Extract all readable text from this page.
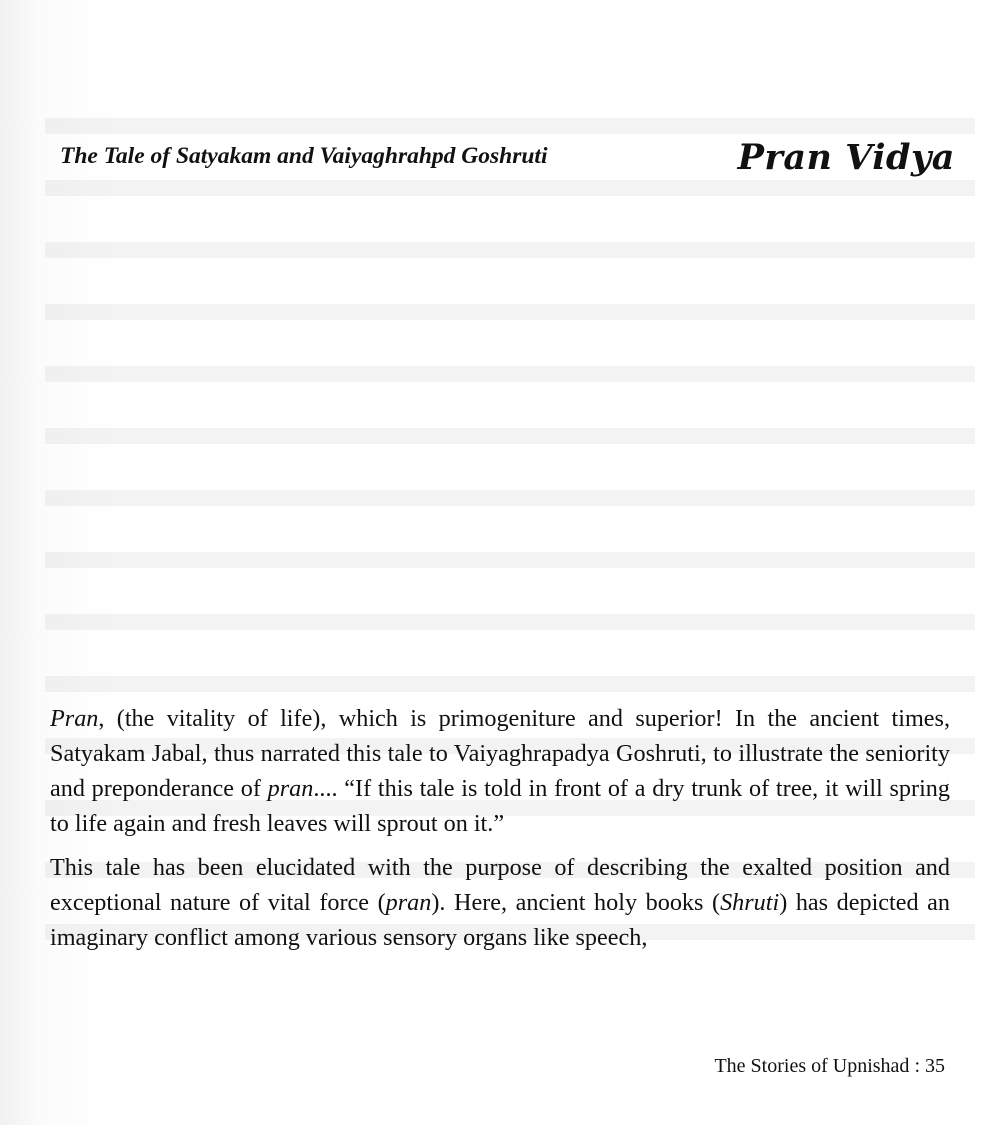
The Tale of Satyakam and Vaiyaghrahpd Goshruti	Pran Vidya

Pran, (the vitality of life), which is primogeniture and superior! In the ancient times, Satyakam Jabal, thus narrated this tale to Vaiyaghrapadya Goshruti, to illustrate the seniority and preponderance of pran.... “If this tale is told in front of a dry trunk of tree, it will spring to life again and fresh leaves will sprout on it.”

This tale has been elucidated with the purpose of describing the exalted position and exceptional nature of vital force (pran). Here, ancient holy books (Shruti) has depicted an imaginary conflict among various sensory organs like speech,

The Stories of Upnishad : 35
